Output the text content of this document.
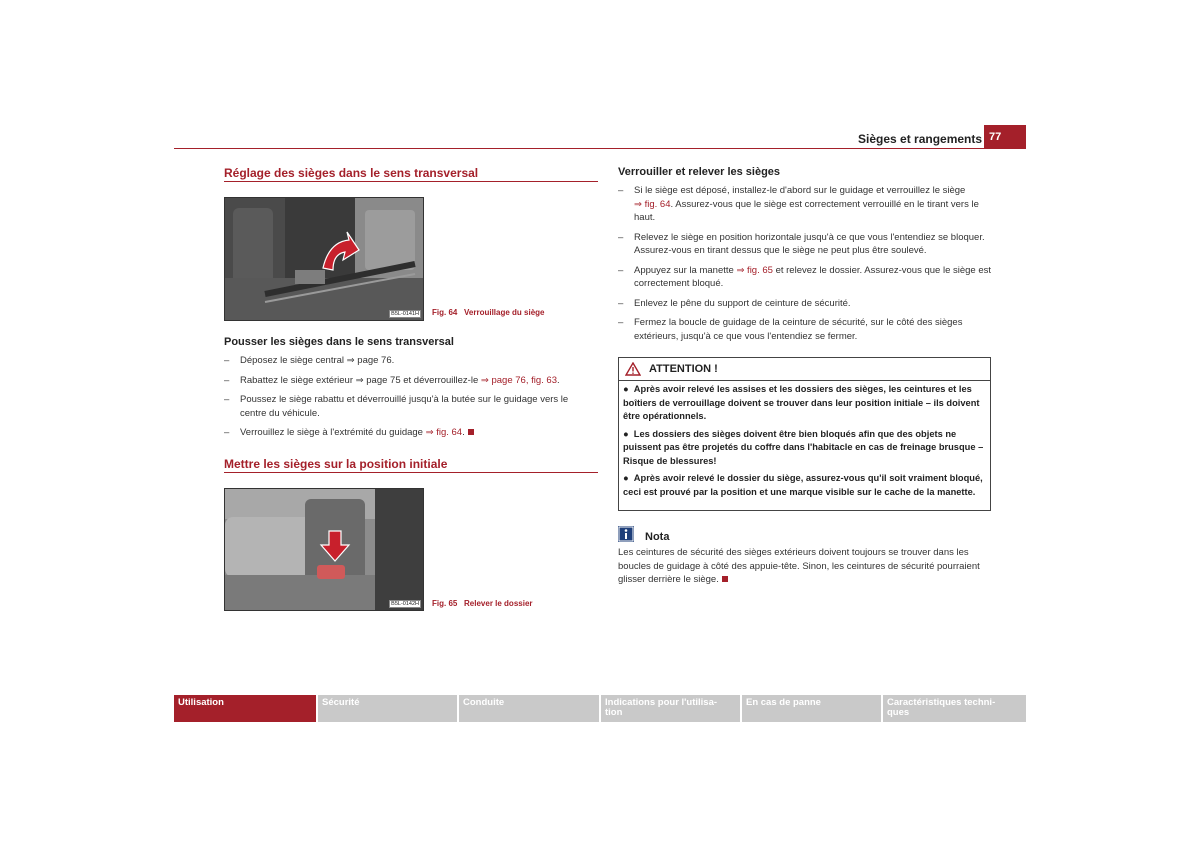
Sièges et rangements 77
Réglage des sièges dans le sens transversal
B5L-0141H Fig. 64 Verrouillage du siège
Pousser les sièges dans le sens transversal
– Déposez le siège central ⇒ page 76.
– Rabattez le siège extérieur ⇒ page 75 et déverrouillez-le ⇒ page 76, fig. 63.
– Poussez le siège rabattu et déverrouillé jusqu'à la butée sur le guidage vers le centre du véhicule.
– Verrouillez le siège à l'extrémité du guidage ⇒ fig. 64.
Mettre les sièges sur la position initiale
B5L-0142H Fig. 65 Relever le dossier
Verrouiller et relever les sièges
– Si le siège est déposé, installez-le d'abord sur le guidage et verrouillez le siège
⇒ fig. 64. Assurez-vous que le siège est correctement verrouillé en le tirant vers le haut.
– Relevez le siège en position horizontale jusqu'à ce que vous l'entendiez se bloquer. Assurez-vous en tirant dessus que le siège ne peut plus être soulevé.
– Appuyez sur la manette ⇒ fig. 65 et relevez le dossier. Assurez-vous que le siège est correctement bloqué.
– Enlevez le pêne du support de ceinture de sécurité.
– Fermez la boucle de guidage de la ceinture de sécurité, sur le côté des sièges extérieurs, jusqu'à ce que vous l'entendiez se fermer.
ATTENTION !

●  Après avoir relevé les assises et les dossiers des sièges, les ceintures et les boîtiers de verrouillage doivent se trouver dans leur position initiale – ils doivent être opérationnels.

●  Les dossiers des sièges doivent être bien bloqués afin que des objets ne puissent pas être projetés du coffre dans l'habitacle en cas de freinage brusque – Risque de blessures!

●  Après avoir relevé le dossier du siège, assurez-vous qu'il soit vraiment bloqué, ceci est prouvé par la position et une marque visible sur le cache de la manette.

Nota
Les ceintures de sécurité des sièges extérieurs doivent toujours se trouver dans les boucles de guidage à côté des appuie-tête. Sinon, les ceintures de sécurité pourraient glisser derrière le siège.
Utilisation	Sécurité	Conduite	Indications pour l'utilisa-
tion
En cas de panne	Caractéristiques techni-
ques
